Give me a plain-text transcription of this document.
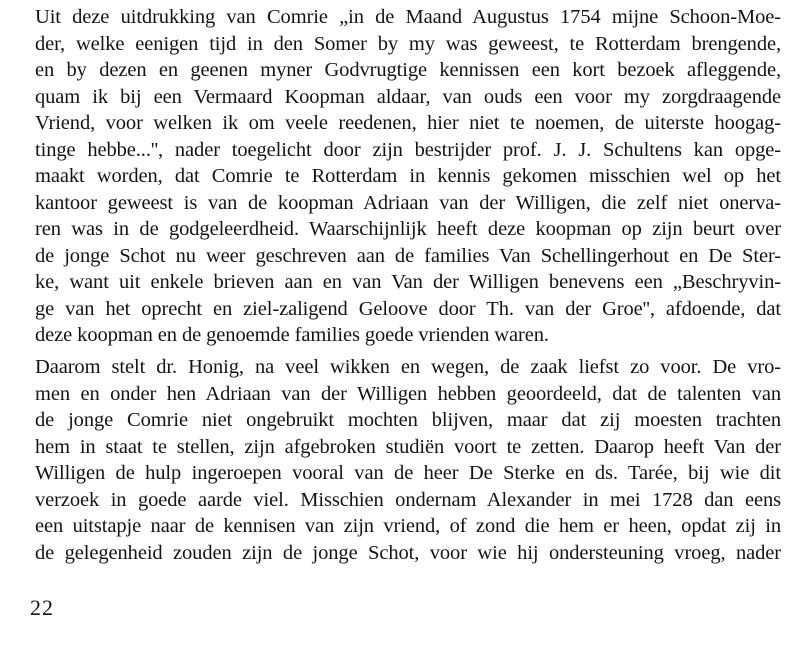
Uit deze uitdrukking van Comrie „in de Maand Augustus 1754 mijne Schoon-Moe-
der, welke eenigen tijd in den Somer by my was geweest, te Rotterdam brengende,
en by dezen en geenen myner Godvrugtige kennissen een kort bezoek afleggende,
quam ik bij een Vermaard Koopman aldaar, van ouds een voor my zorgdraagende
Vriend, voor welken ik om veele reedenen, hier niet te noemen, de uiterste hoogag-
tinge hebbe...'', nader toegelicht door zijn bestrijder prof. J. J. Schultens kan opge-
maakt worden, dat Comrie te Rotterdam in kennis gekomen misschien wel op het
kantoor geweest is van de koopman Adriaan van der Willigen, die zelf niet onerva-
ren was in de godgeleerdheid. Waarschijnlijk heeft deze koopman op zijn beurt over
de jonge Schot nu weer geschreven aan de families Van Schellingerhout en De Ster-
ke, want uit enkele brieven aan en van Van der Willigen benevens een „Beschryvin-
ge van het oprecht en ziel-zaligend Geloove door Th. van der Groe'', afdoende, dat
deze koopman en de genoemde families goede vrienden waren.
Daarom stelt dr. Honig, na veel wikken en wegen, de zaak liefst zo voor. De vro-
men en onder hen Adriaan van der Willigen hebben geoordeeld, dat de talenten van
de jonge Comrie niet ongebruikt mochten blijven, maar dat zij moesten trachten
hem in staat te stellen, zijn afgebroken studiën voort te zetten. Daarop heeft Van der
Willigen de hulp ingeroepen vooral van de heer De Sterke en ds. Tarée, bij wie dit
verzoek in goede aarde viel. Misschien ondernam Alexander in mei 1728 dan eens
een uitstapje naar de kennisen van zijn vriend, of zond die hem er heen, opdat zij in
de gelegenheid zouden zijn de jonge Schot, voor wie hij ondersteuning vroeg, nader
22
